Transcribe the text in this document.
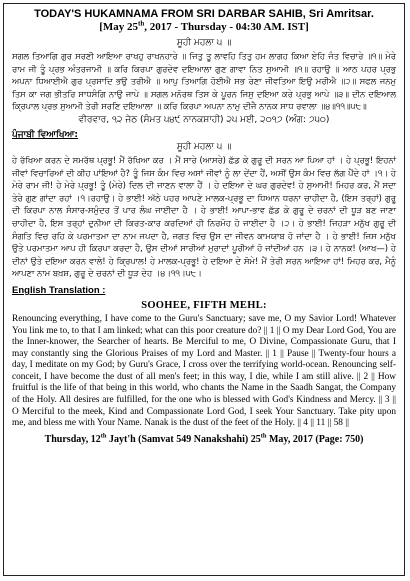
TODAY'S HUKAMNAMA FROM SRI DARBAR SAHIB, Sri Amritsar.

[May 25th, 2017 - Thursday - 04:30 AM. IST]

ਸੂਹੀ ਮਹਲਾ ੫ ॥

ਸਗਲ ਤਿਆਗਿ ਗੁਰ ਸਰਣੀ ਆਇਆ ਰਾਖਹੁ ਰਾਖਨਹਾਰੇ ॥ ਜਿਤੁ ਤੂ ਲਾਵਹਿ ਤਿਤੁ ਹਮ ਲਾਗਹ ਕਿਆ ਏਹਿ ਜੰਤ ਵਿਚਾਰੇ ॥੧॥ ਮੇਰੇ ਰਾਮ ਜੀ ਤੂੰ ਪ੍ਰਭ ਅੰਤਰਜਾਮੀ ॥ ਕਰਿ ਕਿਰਪਾ ਗੁਰਦੇਵ ਦਇਆਲਾ ਗੁਣ ਗਾਵਾ ਨਿਤ ਸੁਆਮੀ ॥੧॥ ਰਹਾਉ ॥ ਆਠ ਪਹਰ ਪ੍ਰਭੁ ਅਪਨਾ ਧਿਆਈਐ ਗੁਰ ਪ੍ਰਸਾਦਿ ਭਉ ਤਰੀਐ ॥ ਆਪੁ ਤਿਆਗਿ ਹੋਈਐ ਸਭ ਰੇਣਾ ਜੀਵਤਿਆ ਇਉ ਮਰੀਐ ॥੨॥ ਸਫਲ ਜਨਮੁ ਤਿਸ ਕਾ ਜਗ ਭੀਤਰਿ ਸਾਧਸੰਗਿ ਨਾਉ ਜਾਪੇ ॥ ਸਗਲ ਮਨੋਰਥ ਤਿਸ ਕੇ ਪੂਰਨ ਜਿਸੁ ਦਇਆ ਕਰੇ ਪ੍ਰਭੁ ਆਪੇ ॥੩॥ ਦੀਨ ਦਇਆਲ ਕ੍ਰਿਪਾਲ ਪ੍ਰਭ ਸੁਆਮੀ ਤੇਰੀ ਸਰਣਿ ਦਇਆਲਾ ॥ ਕਰਿ ਕਿਰਪਾ ਅਪਨਾ ਨਾਮੁ ਦੀਜੈ ਨਾਨਕ ਸਾਧ ਰਵਾਲਾ ॥੪॥੧੧॥੫੮॥

ਵੀਰਵਾਰ, ੧੨ ਜੇਠ (ਸੰਮਤ ੫੪੯ ਨਾਨਕਸ਼ਾਹੀ) ੨੫ ਮਈ, ੨੦੧੭ (ਅੰਗ: ੭੫੦)

ਪੰਜਾਬੀ ਵਿਆਖਿਆ:

ਸੂਹੀ ਮਹਲਾ ੫ ॥

ਹੇ ਰੱਖਿਆ ਕਰਨ ਦੇ ਸਮਰੱਥ ਪ੍ਰਭੂ! ਮੈਂ ਰੱਖਿਆ ਕਰ । ਮੈਂ ਸਾਰੇ (ਆਸਰੇ) ਛੱਡ ਕੇ ਗੁਰੂ ਦੀ ਸਰਨ ਆ ਪਿਆ ਹਾਂ । ਹੇ ਪ੍ਰਭੂ! ਇਹਨਾਂ ਜੀਵਾਂ ਵਿਚਾਰਿਆਂ ਦੀ ਕੀਹ ਪਾਂਇਆਂ ਹੈ? ਤੂੰ ਜਿਸ ਕੰਮ ਵਿਚ ਅਸਾਂ ਜੀਵਾਂ ਨੂੰ ਲਾ ਦੇਂਦਾ ਹੈਂ, ਅਸੀਂ ਉਸ ਕੰਮ ਵਿਚ ਲੱਗ ਪੈਂਦੇ ਹਾਂ ।੧। ਹੇ ਮੇਰੇ ਰਾਮ ਜੀ! ਹੇ ਮੇਰੇ ਪ੍ਰਭੂ! ਤੂੰ (ਮੇਰੇ) ਦਿਲ ਦੀ ਜਾਣਨ ਵਾਲਾ ਹੈਂ । ਹੇ ਦਇਆ ਦੇ ਘਰ ਗੁਰਦੇਵ! ਹੇ ਸੁਆਮੀ! ਮਿਹਰ ਕਰ, ਮੈਂ ਸਦਾ ਤੇਰੇ ਗੁਣ ਗਾਂਦਾ ਰਹਾਂ ।੧।ਰਹਾਉ। ਹੇ ਭਾਈ! ਅੱਠੇ ਪਹਰ ਆਪਣੇ ਮਾਲਕ-ਪ੍ਰਭੂ ਦਾ ਧਿਆਨ ਧਰਨਾ ਚਾਹੀਦਾ ਹੈ, (ਇਸ ਤਰ੍ਹਾਂ) ਗੁਰੂ ਦੀ ਕਿਰਪਾ ਨਾਲ ਸੰਸਾਰ-ਸਮੁੰਦਰ ਤੋਂ ਪਾਰ ਲੰਘ ਜਾਈਦਾ ਹੈ । ਹੇ ਭਾਈ! ਆਪਾ-ਭਾਵ ਛੱਡ ਕੇ ਗੁਰੂ ਦੇ ਚਰਨਾਂ ਦੀ ਧੂੜ ਬਣ ਜਾਣਾ ਚਾਹੀਦਾ ਹੈ, ਇਸ ਤਰ੍ਹਾਂ ਦੁਨੀਆ ਦੀ ਕਿਰਤ-ਕਾਰ ਕਰਦਿਆਂ ਹੀ ਨਿਰਮੋਹ ਹੋ ਜਾਈਦਾ ਹੈ ।੨। ਹੇ ਭਾਈ! ਜਿਹੜਾ ਮਨੁੱਖ ਗੁਰੂ ਦੀ ਸੰਗਤਿ ਵਿਚ ਰਹਿ ਕੇ ਪਰਮਾਤਮਾ ਦਾ ਨਾਮ ਜਪਦਾ ਹੈ, ਜਗਤ ਵਿਚ ਉਸ ਦਾ ਜੀਵਨ ਕਾਮਯਾਬ ਹੋ ਜਾਂਦਾ ਹੈ । ਹੇ ਭਾਈ! ਜਿਸ ਮਨੁੱਖ ਉਤੇ ਪਰਮਾਤਮਾ ਆਪ ਹੀ ਕਿਰਪਾ ਕਰਦਾ ਹੈ, ਉਸ ਦੀਆਂ ਸਾਰੀਆਂ ਮੁਰਾਦਾਂ ਪੂਰੀਆਂ ਹੋ ਜਾਂਦੀਆਂ ਹਨ ।੩। ਹੇ ਨਾਨਕ! (ਆਖ—) ਹੇ ਦੀਨਾਂ ਉਤੇ ਦਇਆ ਕਰਨ ਵਾਲੇ! ਹੇ ਕ੍ਰਿਪਾਲ! ਹੇ ਮਾਲਕ-ਪ੍ਰਭੂ! ਹੇ ਦਇਆ ਦੇ ਸੋਮੇ! ਮੈਂ ਤੇਰੀ ਸਰਨ ਆਇਆ ਹਾਂ! ਮਿਹਰ ਕਰ, ਮੈਨੂੰ ਆਪਣਾ ਨਾਮ ਬਖ਼ਸ਼, ਗੁਰੂ ਦੇ ਚਰਨਾਂ ਦੀ ਧੂੜ ਦੇਹ ।੪।੧੧।੫੮।

English Translation :

SOOHEE, FIFTH MEHL:

Renouncing everything, I have come to the Guru's Sanctuary; save me, O my Savior Lord! Whatever You link me to, to that I am linked; what can this poor creature do? || 1 || O my Dear Lord God, You are the Inner-knower, the Searcher of hearts. Be Merciful to me, O Divine, Compassionate Guru, that I may constantly sing the Glorious Praises of my Lord and Master. || 1 || Pause || Twenty-four hours a day, I meditate on my God; by Guru's Grace, I cross over the terrifying world-ocean. Renouncing self-conceit, I have become the dust of all men's feet; in this way, I die, while I am still alive. || 2 || How fruitful is the life of that being in this world, who chants the Name in the Saadh Sangat, the Company of the Holy. All desires are fulfilled, for the one who is blessed with God's Kindness and Mercy. || 3 || O Merciful to the meek, Kind and Compassionate Lord God, I seek Your Sanctuary. Take pity upon me, and bless me with Your Name. Nanak is the dust of the feet of the Holy. || 4 || 11 || 58 ||

Thursday, 12th Jayt'h (Samvat 549 Nanakshahi) 25th May, 2017 (Page: 750)
